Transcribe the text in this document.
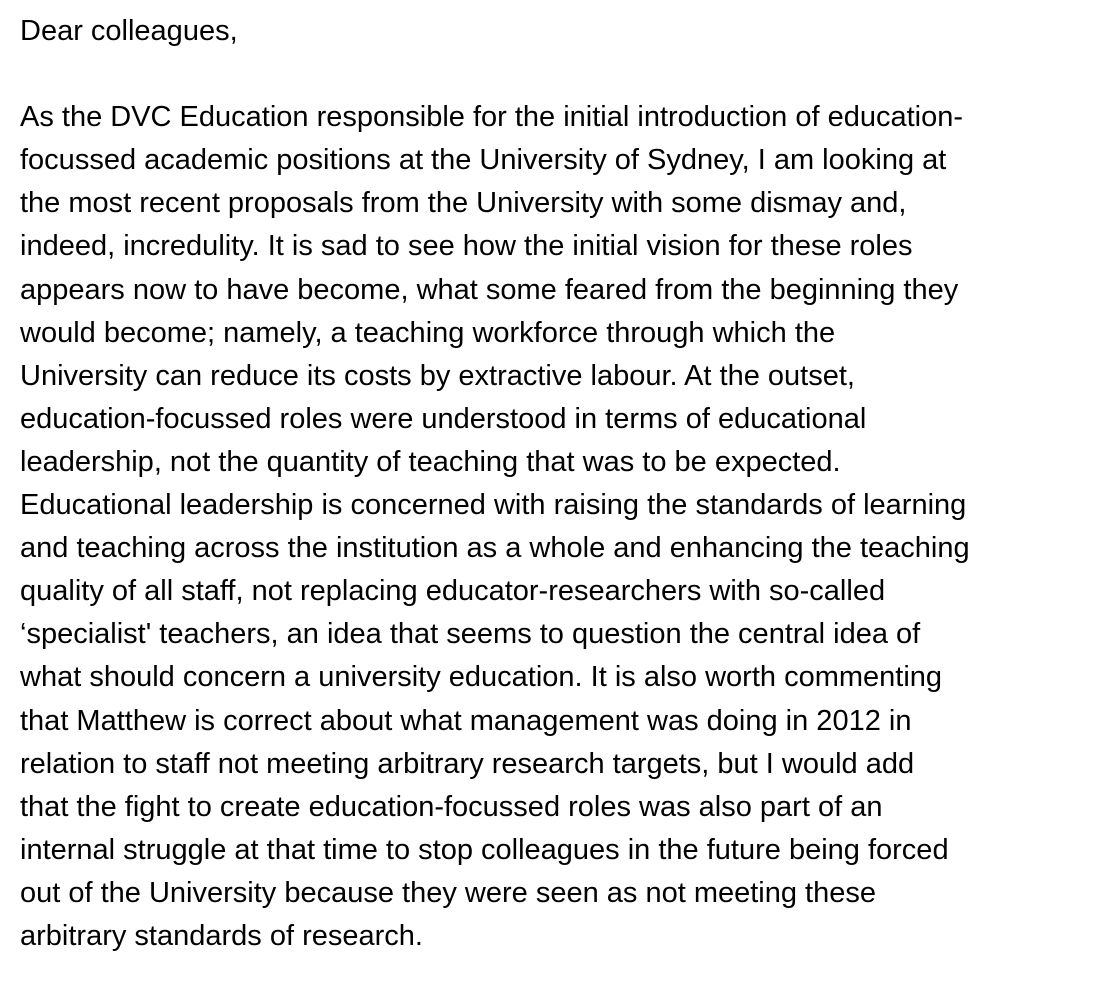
Dear colleagues,
As the DVC Education responsible for the initial introduction of education-
focussed academic positions at the University of Sydney, I am looking at
the most recent proposals from the University with some dismay and,
indeed, incredulity. It is sad to see how the initial vision for these roles
appears now to have become, what some feared from the beginning they
would become; namely, a teaching workforce through which the
University can reduce its costs by extractive labour. At the outset,
education-focussed roles were understood in terms of educational
leadership, not the quantity of teaching that was to be expected.
Educational leadership is concerned with raising the standards of learning
and teaching across the institution as a whole and enhancing the teaching
quality of all staff, not replacing educator-researchers with so-called
‘specialist' teachers, an idea that seems to question the central idea of
what should concern a university education. It is also worth commenting
that Matthew is correct about what management was doing in 2012 in
relation to staff not meeting arbitrary research targets, but I would add
that the fight to create education-focussed roles was also part of an
internal struggle at that time to stop colleagues in the future being forced
out of the University because they were seen as not meeting these
arbitrary standards of research.
